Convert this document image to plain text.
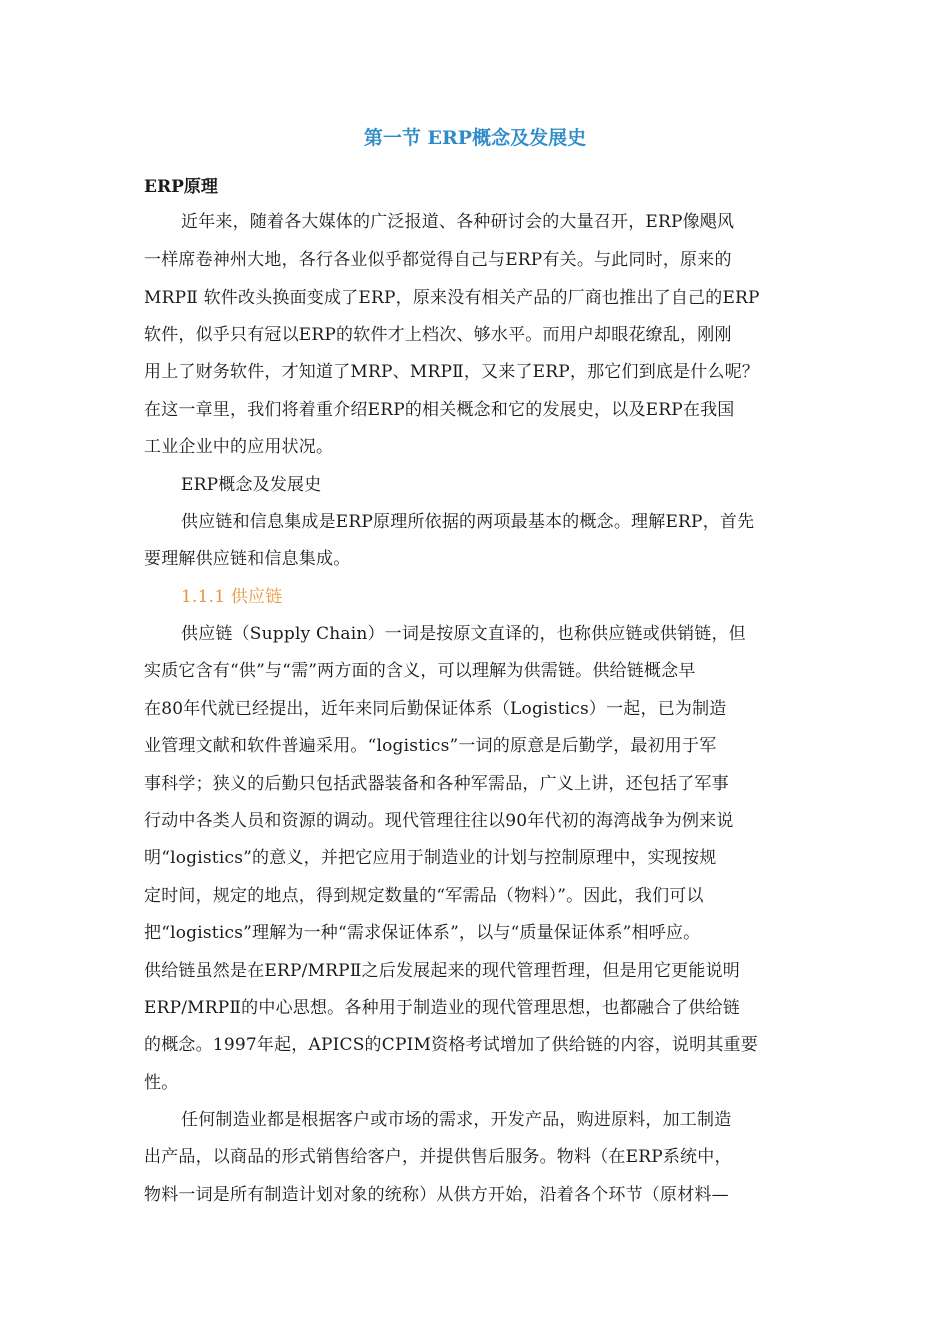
第一节 ERP概念及发展史
ERP原理
近年来，随着各大媒体的广泛报道、各种研讨会的大量召开，ERP像飓风
一样席卷神州大地，各行各业似乎都觉得自己与ERP有关。与此同时，原来的
MRPⅡ 软件改头换面变成了ERP，原来没有相关产品的厂商也推出了自己的ERP
软件，似乎只有冠以ERP的软件才上档次、够水平。而用户却眼花缭乱，刚刚
用上了财务软件，才知道了MRP、MRPⅡ，又来了ERP，那它们到底是什么呢？
在这一章里，我们将着重介绍ERP的相关概念和它的发展史，以及ERP在我国
工业企业中的应用状况。
ERP概念及发展史
供应链和信息集成是ERP原理所依据的两项最基本的概念。理解ERP，首先
要理解供应链和信息集成。
1.1.1 供应链
供应链（Supply Chain）一词是按原文直译的，也称供应链或供销链，但
实质它含有“供”与“需”两方面的含义，可以理解为供需链。供给链概念早
在80年代就已经提出，近年来同后勤保证体系（Logistics）一起，已为制造
业管理文献和软件普遍采用。“logistics”一词的原意是后勤学，最初用于军
事科学；狭义的后勤只包括武器装备和各种军需品，广义上讲，还包括了军事
行动中各类人员和资源的调动。现代管理往往以90年代初的海湾战争为例来说
明“logistics”的意义，并把它应用于制造业的计划与控制原理中，实现按规
定时间，规定的地点，得到规定数量的“军需品（物料）”。因此，我们可以
把“logistics”理解为一种“需求保证体系”，以与“质量保证体系”相呼应。
供给链虽然是在ERP/MRPⅡ之后发展起来的现代管理哲理，但是用它更能说明
ERP/MRPⅡ的中心思想。各种用于制造业的现代管理思想，也都融合了供给链
的概念。1997年起，APICS的CPIM资格考试增加了供给链的内容，说明其重要
性。
任何制造业都是根据客户或市场的需求，开发产品，购进原料，加工制造
出产品，以商品的形式销售给客户，并提供售后服务。物料（在ERP系统中，
物料一词是所有制造计划对象的统称）从供方开始，沿着各个环节（原材料—
